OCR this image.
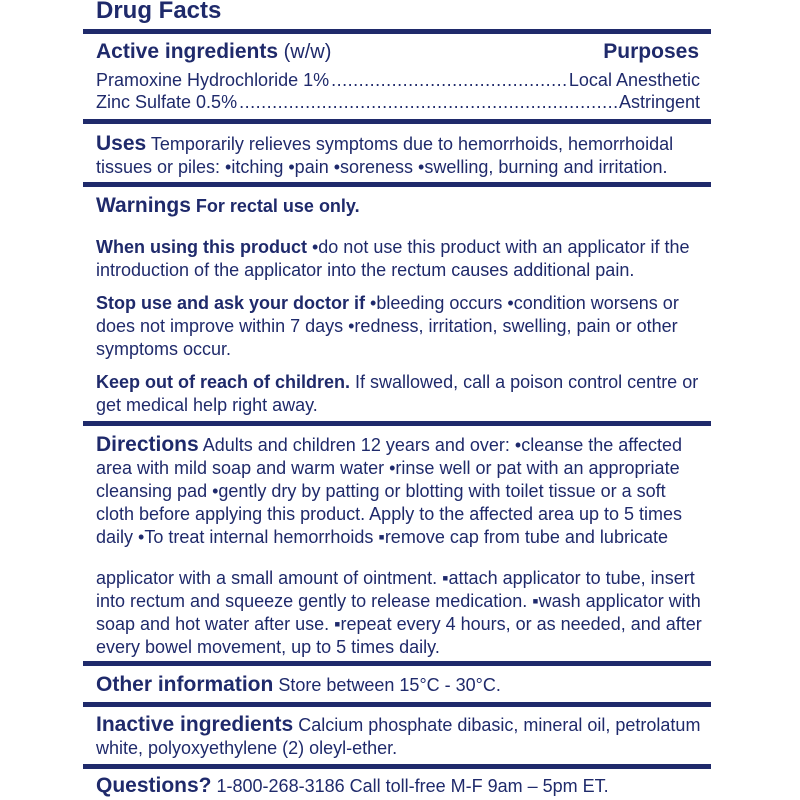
Drug Facts
Active ingredients (w/w)	Purposes
Pramoxine Hydrochloride 1% .....	Local Anesthetic
Zinc Sulfate 0.5% .....	Astringent
Uses Temporarily relieves symptoms due to hemorrhoids, hemorrhoidal
tissues or piles: •itching •pain •soreness •swelling, burning and irritation.
Warnings For rectal use only.
When using this product •do not use this product with an applicator if the introduction of the applicator into the rectum causes additional pain.
Stop use and ask your doctor if •bleeding occurs •condition worsens or does not improve within 7 days •redness, irritation, swelling, pain or other symptoms occur.
Keep out of reach of children. If swallowed, call a poison control centre or get medical help right away.
Directions Adults and children 12 years and over: •cleanse the affected area with mild soap and warm water •rinse well or pat with an appropriate cleansing pad •gently dry by patting or blotting with toilet tissue or a soft cloth before applying this product. Apply to the affected area up to 5 times daily •To treat internal hemorrhoids ▪remove cap from tube and lubricate
applicator with a small amount of ointment. ▪attach applicator to tube, insert into rectum and squeeze gently to release medication. ▪wash applicator with soap and hot water after use. ▪repeat every 4 hours, or as needed, and after every bowel movement, up to 5 times daily.
Other information Store between 15°C - 30°C.
Inactive ingredients Calcium phosphate dibasic, mineral oil, petrolatum white, polyoxyethylene (2) oleyl-ether.
Questions? 1-800-268-3186 Call toll-free M-F 9am – 5pm ET.
